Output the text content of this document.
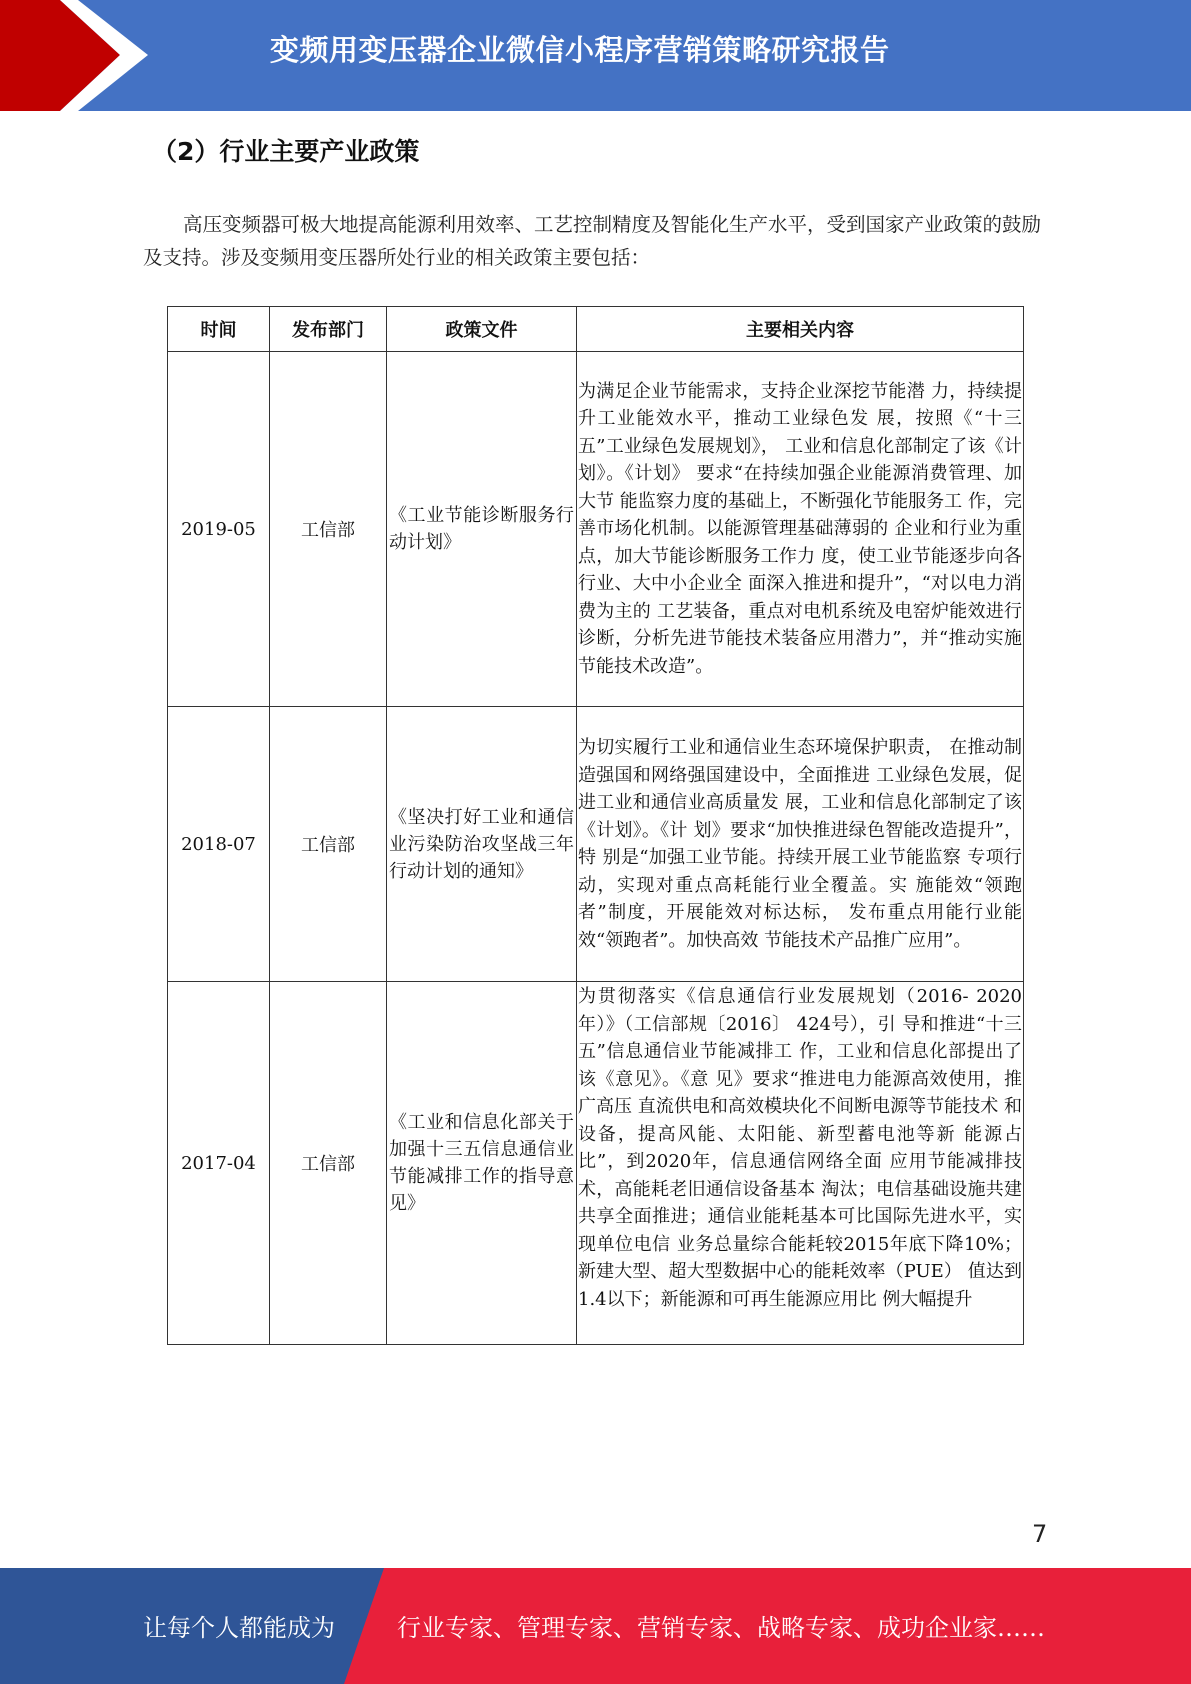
变频用变压器企业微信小程序营销策略研究报告
（2）行业主要产业政策

高压变频器可极大地提高能源利用效率、工艺控制精度及智能化生产水平，受到国家产业政策的鼓励及支持。涉及变频用变压器所处行业的相关政策主要包括：

时间	发布部门	政策文件	主要相关内容
2019-05	工信部	《工业节能诊断服务行动计划》	为满足企业节能需求，支持企业深挖节能潜 力，持续提升工业能效水平，推动工业绿色发 展，按照《“十三五”工业绿色发展规划》， 工业和信息化部制定了该《计划》。《计划》 要求“在持续加强企业能源消费管理、加大节 能监察力度的基础上，不断强化节能服务工 作，完善市场化机制。以能源管理基础薄弱的 企业和行业为重点，加大节能诊断服务工作力 度，使工业节能逐步向各行业、大中小企业全 面深入推进和提升”，“对以电力消费为主的 工艺装备，重点对电机系统及电窑炉能效进行 诊断，分析先进节能技术装备应用潜力”，并“推动实施节能技术改造”。
2018-07	工信部	《坚决打好工业和通信业污染防治攻坚战三年行动计划的通知》	为切实履行工业和通信业生态环境保护职责， 在推动制造强国和网络强国建设中，全面推进 工业绿色发展，促进工业和通信业高质量发 展，工业和信息化部制定了该《计划》。《计 划》要求“加快推进绿色智能改造提升”，特 别是“加强工业节能。持续开展工业节能监察 专项行动，实现对重点高耗能行业全覆盖。实 施能效“领跑者”制度，开展能效对标达标， 发布重点用能行业能效“领跑者”。加快高效 节能技术产品推广应用”。
2017-04	工信部	《工业和信息化部关于加强十三五信息通信业节能减排工作的指导意见》	为贯彻落实《信息通信行业发展规划（2016- 2020年）》（工信部规〔2016〕 424号），引 导和推进“十三五”信息通信业节能减排工 作，工业和信息化部提出了该《意见》。《意 见》要求“推进电力能源高效使用，推广高压 直流供电和高效模块化不间断电源等节能技术 和设备，提高风能、太阳能、新型蓄电池等新 能源占比”，到2020年，信息通信网络全面 应用节能减排技术，高能耗老旧通信设备基本 淘汰；电信基础设施共建共享全面推进；通信业能耗基本可比国际先进水平，实现单位电信 业务总量综合能耗较2015年底下降10%；新建大型、超大型数据中心的能耗效率（PUE） 值达到1.4以下；新能源和可再生能源应用比 例大幅提升
7
让每个人都能成为	行业专家、管理专家、营销专家、战略专家、成功企业家……
